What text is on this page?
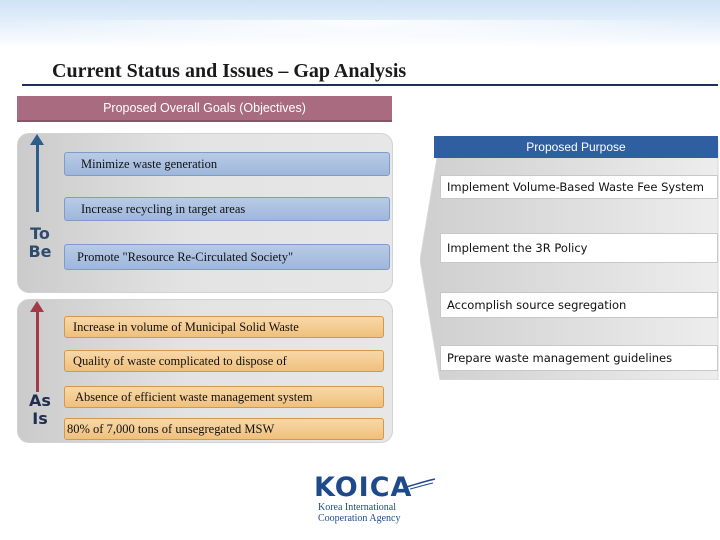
Current Status and Issues – Gap Analysis
Proposed Overall Goals (Objectives)
To Be
Minimize waste generation
Increase recycling in target areas
Promote "Resource Re-Circulated Society"
As Is
Increase in volume of Municipal Solid Waste
Quality of waste complicated to dispose of
Absence of efficient waste management system
80% of 7,000 tons of unsegregated MSW
Proposed Purpose
Implement Volume-Based Waste Fee System
Implement the 3R Policy
Accomplish source segregation
Prepare waste management guidelines
KOICA
Korea International
Cooperation Agency
